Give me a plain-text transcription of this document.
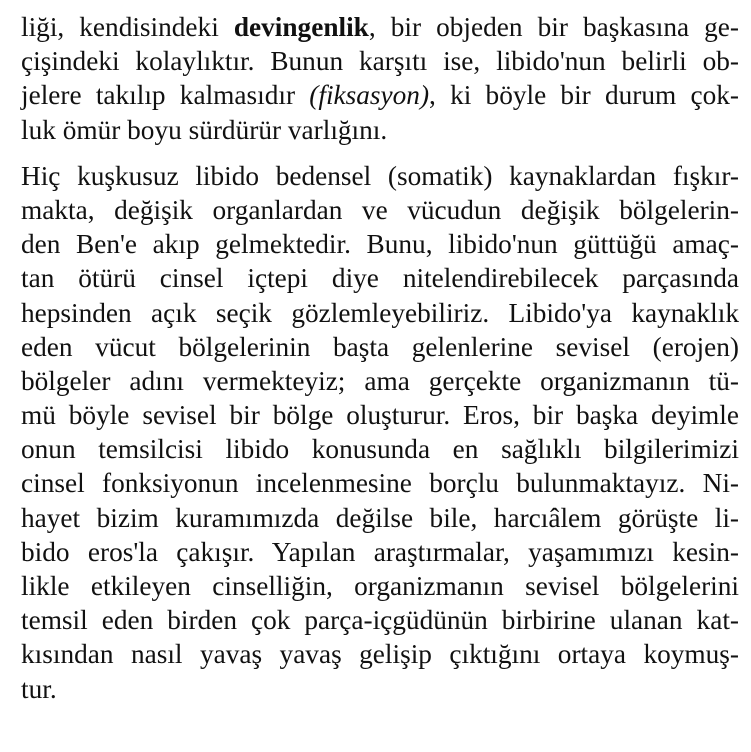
liği, kendisindeki devingenlik, bir objeden bir başkasına ge-
çişindeki kolaylıktır. Bunun karşıtı ise, libido'nun belirli ob-
jelere takılıp kalmasıdır (fiksasyon), ki böyle bir durum çok-
luk ömür boyu sürdürür varlığını.

Hiç kuşkusuz libido bedensel (somatik) kaynaklardan fışkır-
makta, değişik organlardan ve vücudun değişik bölgelerin-
den Ben'e akıp gelmektedir. Bunu, libido'nun güttüğü amaç-
tan ötürü cinsel içtepi diye nitelendirebilecek parçasında
hepsinden açık seçik gözlemleyebiliriz. Libido'ya kaynaklık
eden vücut bölgelerinin başta gelenlerine sevisel (erojen)
bölgeler adını vermekteyiz; ama gerçekte organizmanın tü-
mü böyle sevisel bir bölge oluşturur. Eros, bir başka deyimle
onun temsilcisi libido konusunda en sağlıklı bilgilerimizi
cinsel fonksiyonun incelenmesine borçlu bulunmaktayız. Ni-
hayet bizim kuramımızda değilse bile, harcıâlem görüşte li-
bido eros'la çakışır. Yapılan araştırmalar, yaşamımızı kesin-
likle etkileyen cinselliğin, organizmanın sevisel bölgelerini
temsil eden birden çok parça-içgüdünün birbirine ulanan kat-
kısından nasıl yavaş yavaş gelişip çıktığını ortaya koymuş-
tur.
